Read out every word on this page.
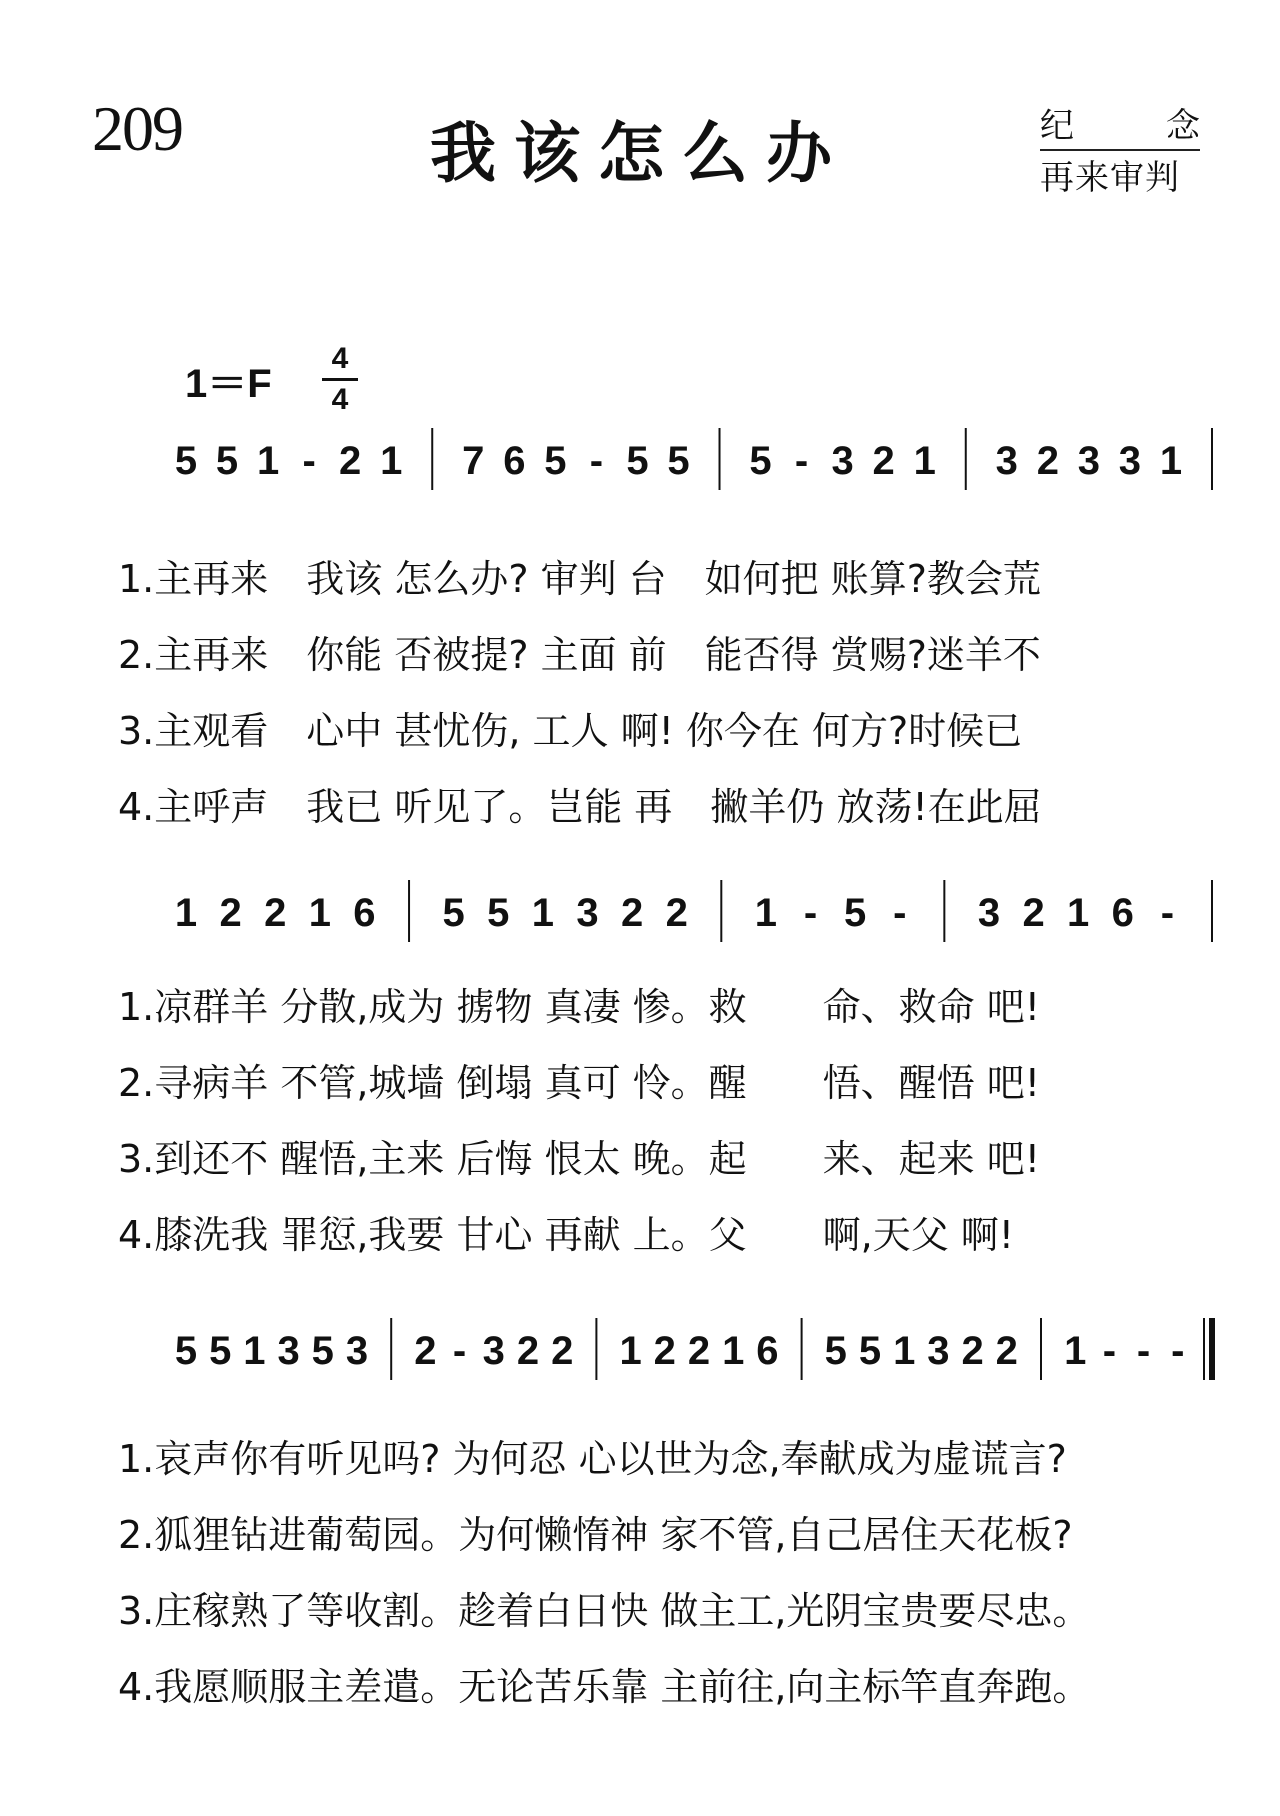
209	我该怎么办	纪	念
再来审判
1＝F
4
4
5 5 1 - 2 1 7 6 5 - 5 5 5 - 3 2 1 3 2 3 3 1
1.主再来　我该 怎么办? 审判 台　如何把 账算?教会荒
2.主再来　你能 否被提? 主面 前　能否得 赏赐?迷羊不
3.主观看　心中 甚忧伤, 工人 啊! 你今在 何方?时候已
4.主呼声　我已 听见了。岂能 再　撇羊仍 放荡!在此屈
1 2 2 1 6 5 5 1 3 2 2 1 - 5 - 3 2 1 6 -
1.凉群羊 分散,成为 掳物 真凄 惨。救　　命、救命 吧!
2.寻病羊 不管,城墙 倒塌 真可 怜。醒　　悟、醒悟 吧!
3.到还不 醒悟,主来 后悔 恨太 晚。起　　来、起来 吧!
4.膝洗我 罪愆,我要 甘心 再献 上。父　　啊,天父 啊!
5 5 1 3 5 3 2 - 3 2 2 1 2 2 1 6 5 5 1 3 2 2 1 - - -
1.哀声你有听见吗? 为何忍 心以世为念,奉献成为虚谎言?
2.狐狸钻进葡萄园。为何懒惰神 家不管,自己居住天花板?
3.庄稼熟了等收割。趁着白日快 做主工,光阴宝贵要尽忠。
4.我愿顺服主差遣。无论苦乐靠 主前往,向主标竿直奔跑。
